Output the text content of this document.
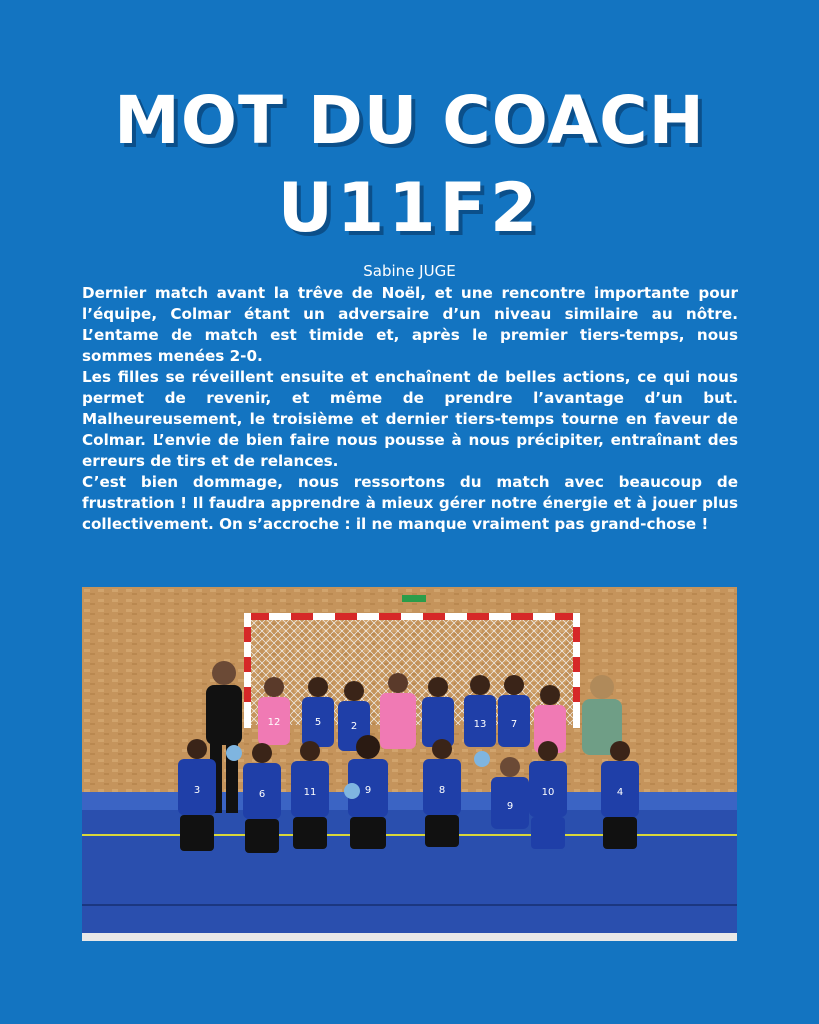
MOT DU COACH
U11F2
Sabine JUGE

Dernier match avant la trêve de Noël, et une rencontre importante pour l’équipe, Colmar étant un adversaire d’un niveau similaire au nôtre. L’entame de match est timide et, après le premier tiers-temps, nous sommes menées 2-0.

Les filles se réveillent ensuite et enchaînent de belles actions, ce qui nous permet de revenir, et même de prendre l’avantage d’un but. Malheureusement, le troisième et dernier tiers-temps tourne en faveur de Colmar. L’envie de bien faire nous pousse à nous précipiter, entraînant des erreurs de tirs et de relances.

C’est bien dommage, nous ressortons du match avec beaucoup de frustration ! Il faudra apprendre à mieux gérer notre énergie et à jouer plus collectivement. On s’accroche : il ne manque vraiment pas grand-chose !

12	5	2	13 7
3	6	11	9	8
9
10	4
